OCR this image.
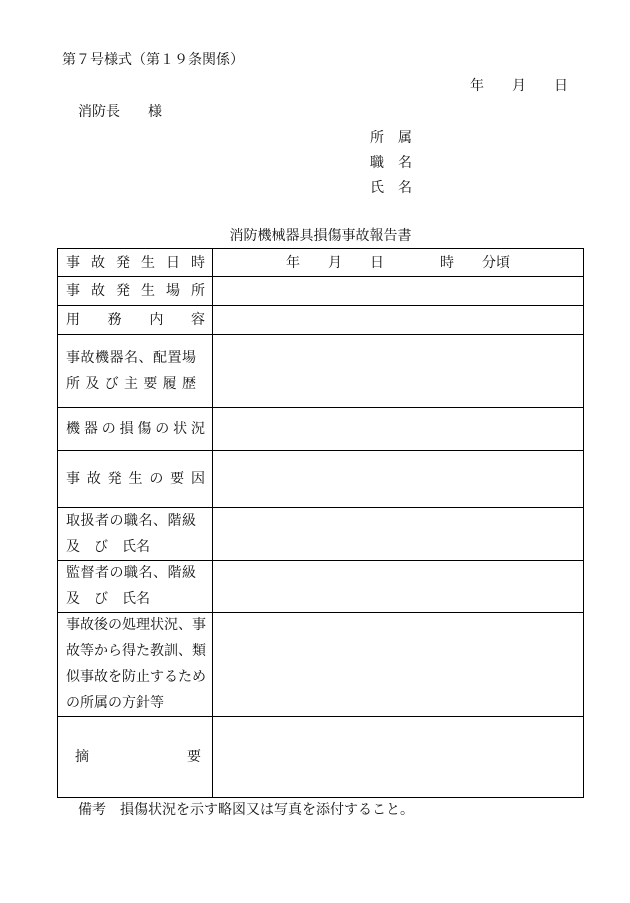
第７号様式（第１９条関係）
年　　月　　日
消防長　　様
所　属
職　名
氏　名
消防機械器具損傷事故報告書
事故発生日時	年　　月　　日　　　　時　　分頃
事故発生場所
用務内容
事故機器名、配置場
所及び主要履歴
機器の損傷の状況
事故発生の要因
取扱者の職名、階級
及　び　氏名
監督者の職名、階級
及　び　氏名
事故後の処理状況、事
故等から得た教訓、類
似事故を防止するため
の所属の方針等
摘要
備考　損傷状況を示す略図又は写真を添付すること。
